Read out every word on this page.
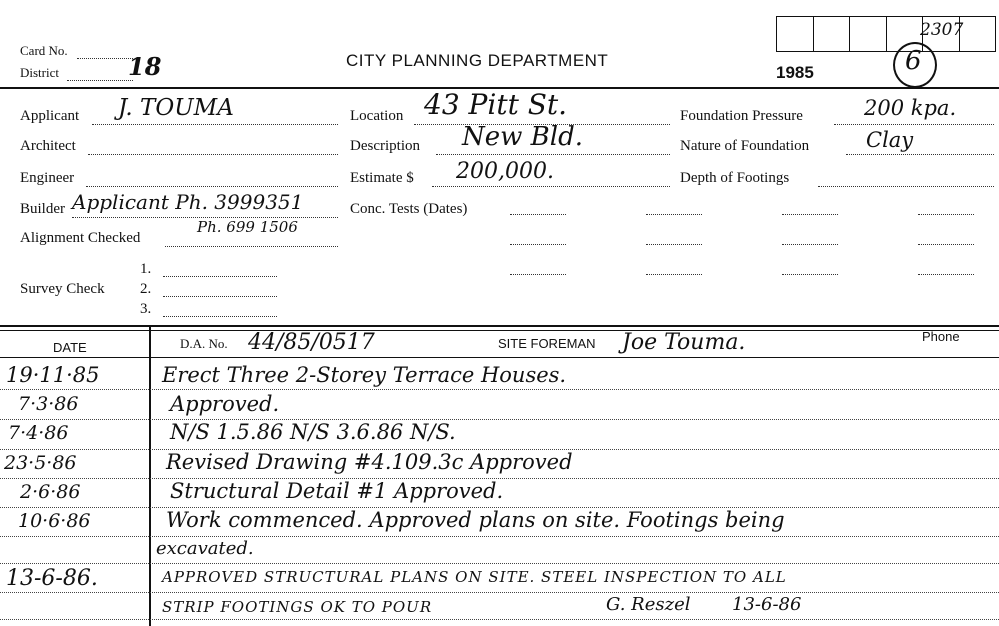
Card No.
District	18	CITY PLANNING DEPARTMENT
1985
2307
6
Applicant J. TOUMA
Architect
Engineer
Builder Applicant Ph. 3999351
Ph. 699 1506
Alignment Checked
1.
Survey Check 2.
3.
Location 43 Pitt St.
Description New Bld.
Estimate $ 200,000.
Conc. Tests (Dates)
Foundation Pressure	200 kpa.
Nature of Foundation	Clay
Depth of Footings
DATE	D.A. No. 44/85/0517	SITE FOREMAN Joe Touma.	Phone
19·11·85	Erect Three 2-Storey Terrace Houses.
7·3·86	Approved.
7·4·86	N/S 1.5.86 N/S 3.6.86 N/S.
23·5·86	Revised Drawing #4.109.3c Approved
2·6·86	Structural Detail #1 Approved.
10·6·86	Work commenced. Approved plans on site. Footings being
excavated.
13-6-86.	APPROVED STRUCTURAL PLANS ON SITE. STEEL INSPECTION TO ALL
STRIP FOOTINGS OK TO POUR	G. Reszel 13-6-86
